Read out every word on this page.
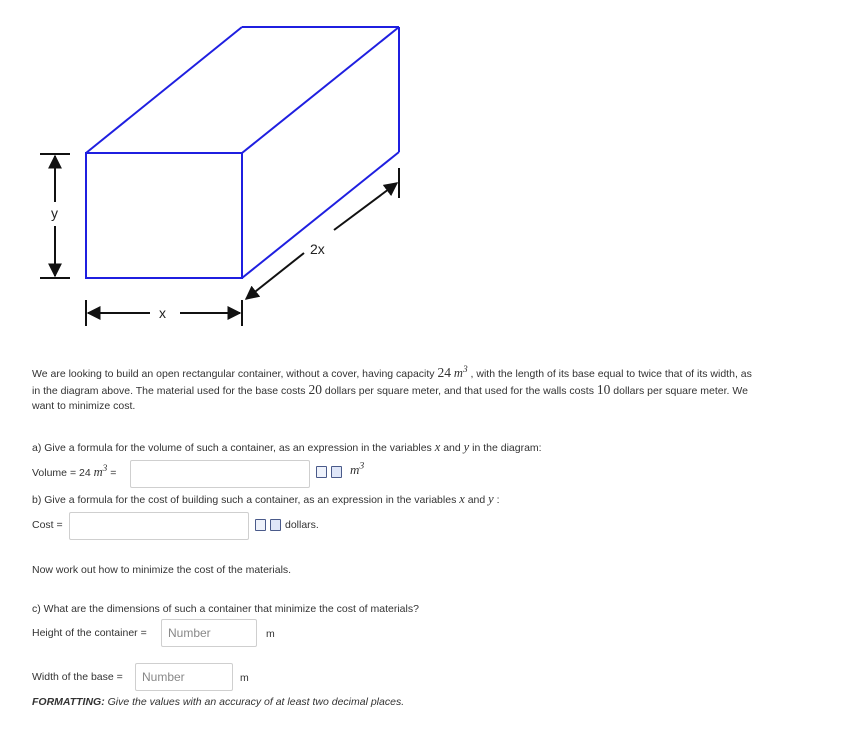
y
x
2x
We are looking to build an open rectangular container, without a cover, having capacity 24 $m^3$ , with the length of its base equal to twice that of its width, as
in the diagram above. The material used for the base costs 20 dollars per square meter, and that used for the walls costs 10 dollars per square meter. We
want to minimize cost.
a) Give a formula for the volume of such a container, as an expression in the variables x and y in the diagram:
Volume = 24 $m^3$ =	$m^3$
b) Give a formula for the cost of building such a container, as an expression in the variables x and y :
Cost =	dollars.
Now work out how to minimize the cost of the materials.
c) What are the dimensions of such a container that minimize the cost of materials?
Height of the container =
Number	m
Width of the base =
Number	m
FORMATTING: Give the values with an accuracy of at least two decimal places.
